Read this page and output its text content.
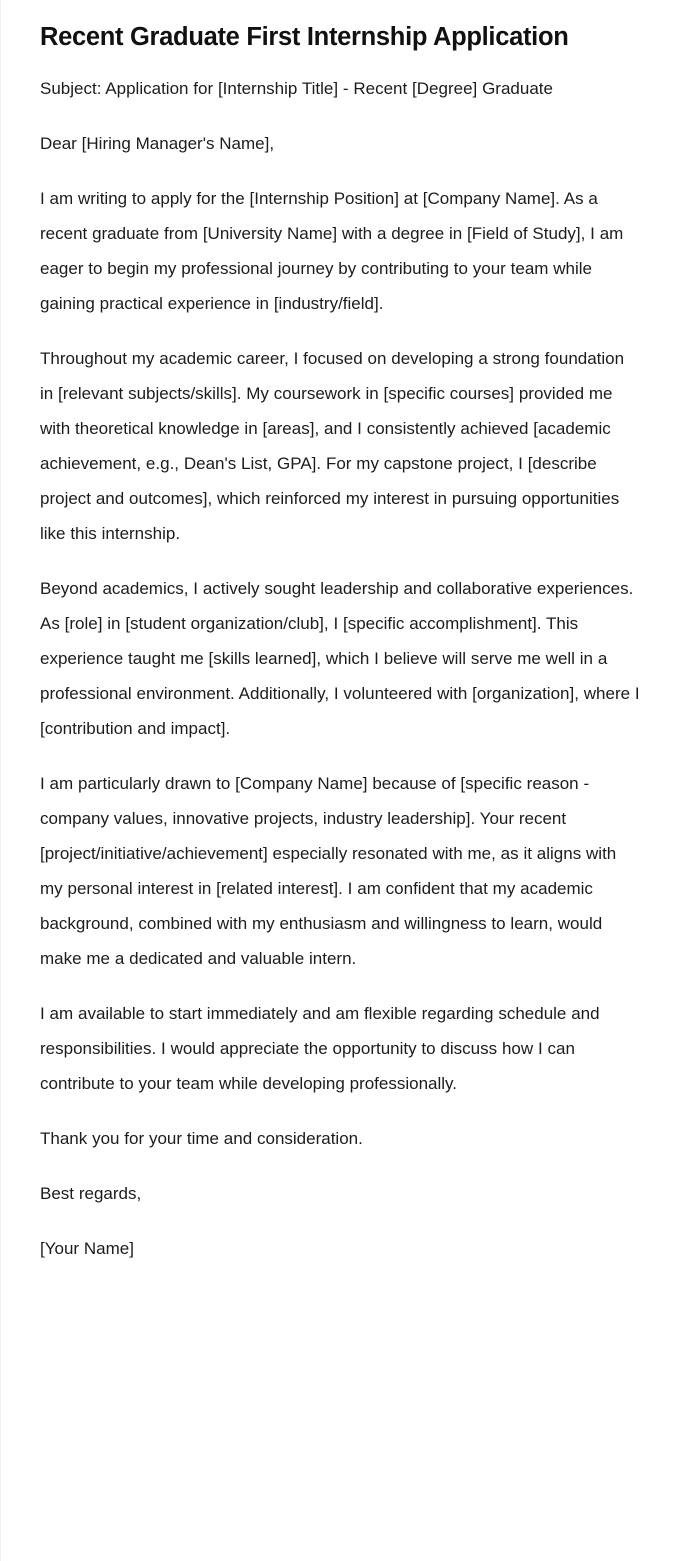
Recent Graduate First Internship Application

Subject: Application for [Internship Title] - Recent [Degree] Graduate

Dear [Hiring Manager's Name],

I am writing to apply for the [Internship Position] at [Company Name]. As a recent graduate from [University Name] with a degree in [Field of Study], I am eager to begin my professional journey by contributing to your team while gaining practical experience in [industry/field].

Throughout my academic career, I focused on developing a strong foundation in [relevant subjects/skills]. My coursework in [specific courses] provided me with theoretical knowledge in [areas], and I consistently achieved [academic achievement, e.g., Dean's List, GPA]. For my capstone project, I [describe project and outcomes], which reinforced my interest in pursuing opportunities like this internship.

Beyond academics, I actively sought leadership and collaborative experiences. As [role] in [student organization/club], I [specific accomplishment]. This experience taught me [skills learned], which I believe will serve me well in a professional environment. Additionally, I volunteered with [organization], where I [contribution and impact].

I am particularly drawn to [Company Name] because of [specific reason - company values, innovative projects, industry leadership]. Your recent [project/initiative/achievement] especially resonated with me, as it aligns with my personal interest in [related interest]. I am confident that my academic background, combined with my enthusiasm and willingness to learn, would make me a dedicated and valuable intern.

I am available to start immediately and am flexible regarding schedule and responsibilities. I would appreciate the opportunity to discuss how I can contribute to your team while developing professionally.

Thank you for your time and consideration.

Best regards,

[Your Name]
